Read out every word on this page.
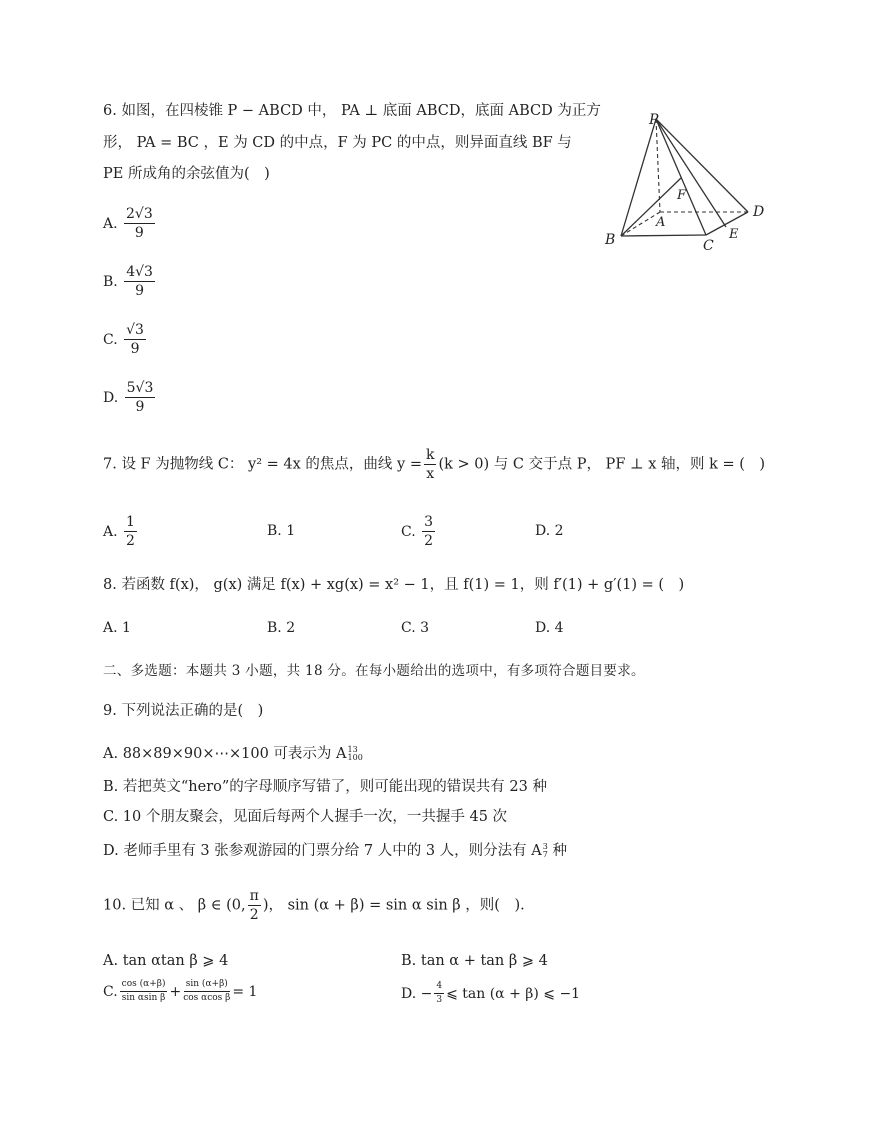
6. 如图，在四棱锥 P − ABCD 中， PA ⊥ 底面 ABCD，底面 ABCD 为正方
形， PA = BC ，E 为 CD 的中点，F 为 PC 的中点，则异面直线 BF 与
PE 所成角的余弦值为(　)
A. $\frac{2√3}{9}$
B. $\frac{4√3}{9}$
C. $\frac{√3}{9}$
D. $\frac{5√3}{9}$
P
F
A
B	C
D
E
7. 设 F 为抛物线 C： y² = 4x 的焦点，曲线 $y = \frac{k}{x} (k > 0)$ 与 C 交于点 P， PF ⊥ x 轴，则 k = (　)
A. $\frac{1}{2}$	B. 1	C. $\frac{3}{2}$	D. 2
8. 若函数 f(x)， g(x) 满足 f(x) + xg(x) = x² − 1，且 f(1) = 1，则 f′(1) + g′(1) = (　)
A. 1	B. 2	C. 3	D. 4
二、多选题：本题共 3 小题，共 18 分。在每小题给出的选项中，有多项符合题目要求。
9. 下列说法正确的是(　)
A. 88×89×90×⋯×100 可表示为 A 13
100
B. 若把英文“hero”的字母顺序写错了，则可能出现的错误共有 23 种
C. 10 个朋友聚会，见面后每两个人握手一次，一共握手 45 次
D. 老师手里有 3 张参观游园的门票分给 7 人中的 3 人，则分法有 A 3
7 种
10. 已知 α 、 β ∈ (0, $\frac{\pi}{2}$ )， sin (α + β) = sin α sin β ，则(　).
A. tan αtan β ⩾ 4	B. tan α + tan β ⩾ 4
C. $\frac{\cos (\alpha+\beta)}{\text{sin αsin β}} + \frac{\sin (\alpha+\beta)}{\text{cos αcos β}} = 1$	D. − $\frac{4}{3}$ ⩽ tan (α + β) ⩽ −1
